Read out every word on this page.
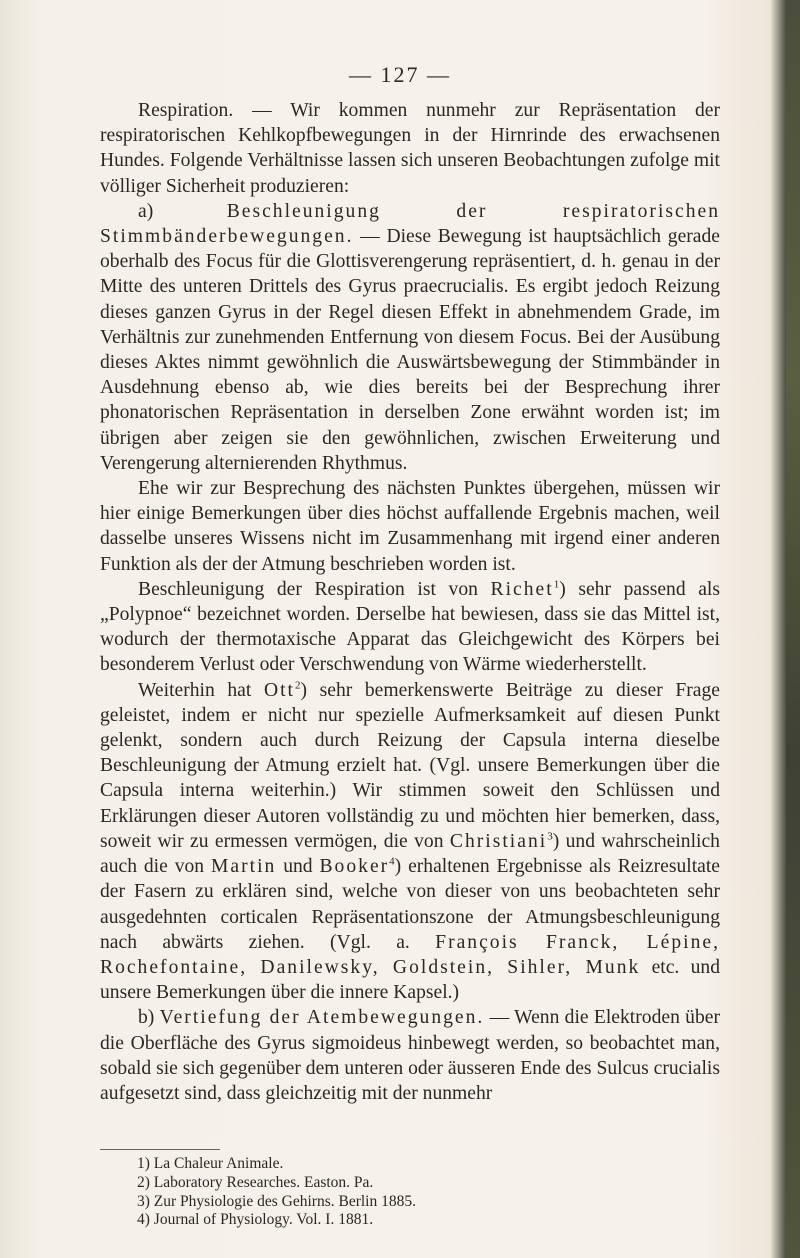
— 127 —

Respiration. — Wir kommen nunmehr zur Repräsentation der respiratorischen Kehlkopfbewegungen in der Hirnrinde des erwachsenen Hundes. Folgende Verhältnisse lassen sich unseren Beobachtungen zufolge mit völliger Sicherheit produzieren:

a) Beschleunigung der respiratorischen Stimmbänderbewegungen. — Diese Bewegung ist hauptsächlich gerade oberhalb des Focus für die Glottisverengerung repräsentiert, d. h. genau in der Mitte des unteren Drittels des Gyrus praecrucialis. Es ergibt jedoch Reizung dieses ganzen Gyrus in der Regel diesen Effekt in abnehmendem Grade, im Verhältnis zur zunehmenden Entfernung von diesem Focus. Bei der Ausübung dieses Aktes nimmt gewöhnlich die Auswärtsbewegung der Stimmbänder in Ausdehnung ebenso ab, wie dies bereits bei der Besprechung ihrer phonatorischen Repräsentation in derselben Zone erwähnt worden ist; im übrigen aber zeigen sie den gewöhnlichen, zwischen Erweiterung und Verengerung alternierenden Rhythmus.

Ehe wir zur Besprechung des nächsten Punktes übergehen, müssen wir hier einige Bemerkungen über dies höchst auffallende Ergebnis machen, weil dasselbe unseres Wissens nicht im Zusammenhang mit irgend einer anderen Funktion als der der Atmung beschrieben worden ist.

Beschleunigung der Respiration ist von Richet$^1$) sehr passend als „Polypnoe“ bezeichnet worden. Derselbe hat bewiesen, dass sie das Mittel ist, wodurch der thermotaxische Apparat das Gleichgewicht des Körpers bei besonderem Verlust oder Verschwendung von Wärme wiederherstellt.

Weiterhin hat Ott$^2$) sehr bemerkenswerte Beiträge zu dieser Frage geleistet, indem er nicht nur spezielle Aufmerksamkeit auf diesen Punkt gelenkt, sondern auch durch Reizung der Capsula interna dieselbe Beschleunigung der Atmung erzielt hat. (Vgl. unsere Bemerkungen über die Capsula interna weiterhin.) Wir stimmen soweit den Schlüssen und Erklärungen dieser Autoren vollständig zu und möchten hier bemerken, dass, soweit wir zu ermessen vermögen, die von Christiani$^3$) und wahrscheinlich auch die von Martin und Booker$^4$) erhaltenen Ergebnisse als Reizresultate der Fasern zu erklären sind, welche von dieser von uns beobachteten sehr ausgedehnten corticalen Repräsentationszone der Atmungsbeschleunigung nach abwärts ziehen. (Vgl. a. François Franck, Lépine, Rochefontaine, Danilewsky, Goldstein, Sihler, Munk etc. und unsere Bemerkungen über die innere Kapsel.)

b) Vertiefung der Atembewegungen. — Wenn die Elektroden über die Oberfläche des Gyrus sigmoideus hinbewegt werden, so beobachtet man, sobald sie sich gegenüber dem unteren oder äusseren Ende des Sulcus crucialis aufgesetzt sind, dass gleichzeitig mit der nunmehr

1) La Chaleur Animale.
2) Laboratory Researches. Easton. Pa.
3) Zur Physiologie des Gehirns. Berlin 1885.
4) Journal of Physiology. Vol. I. 1881.
